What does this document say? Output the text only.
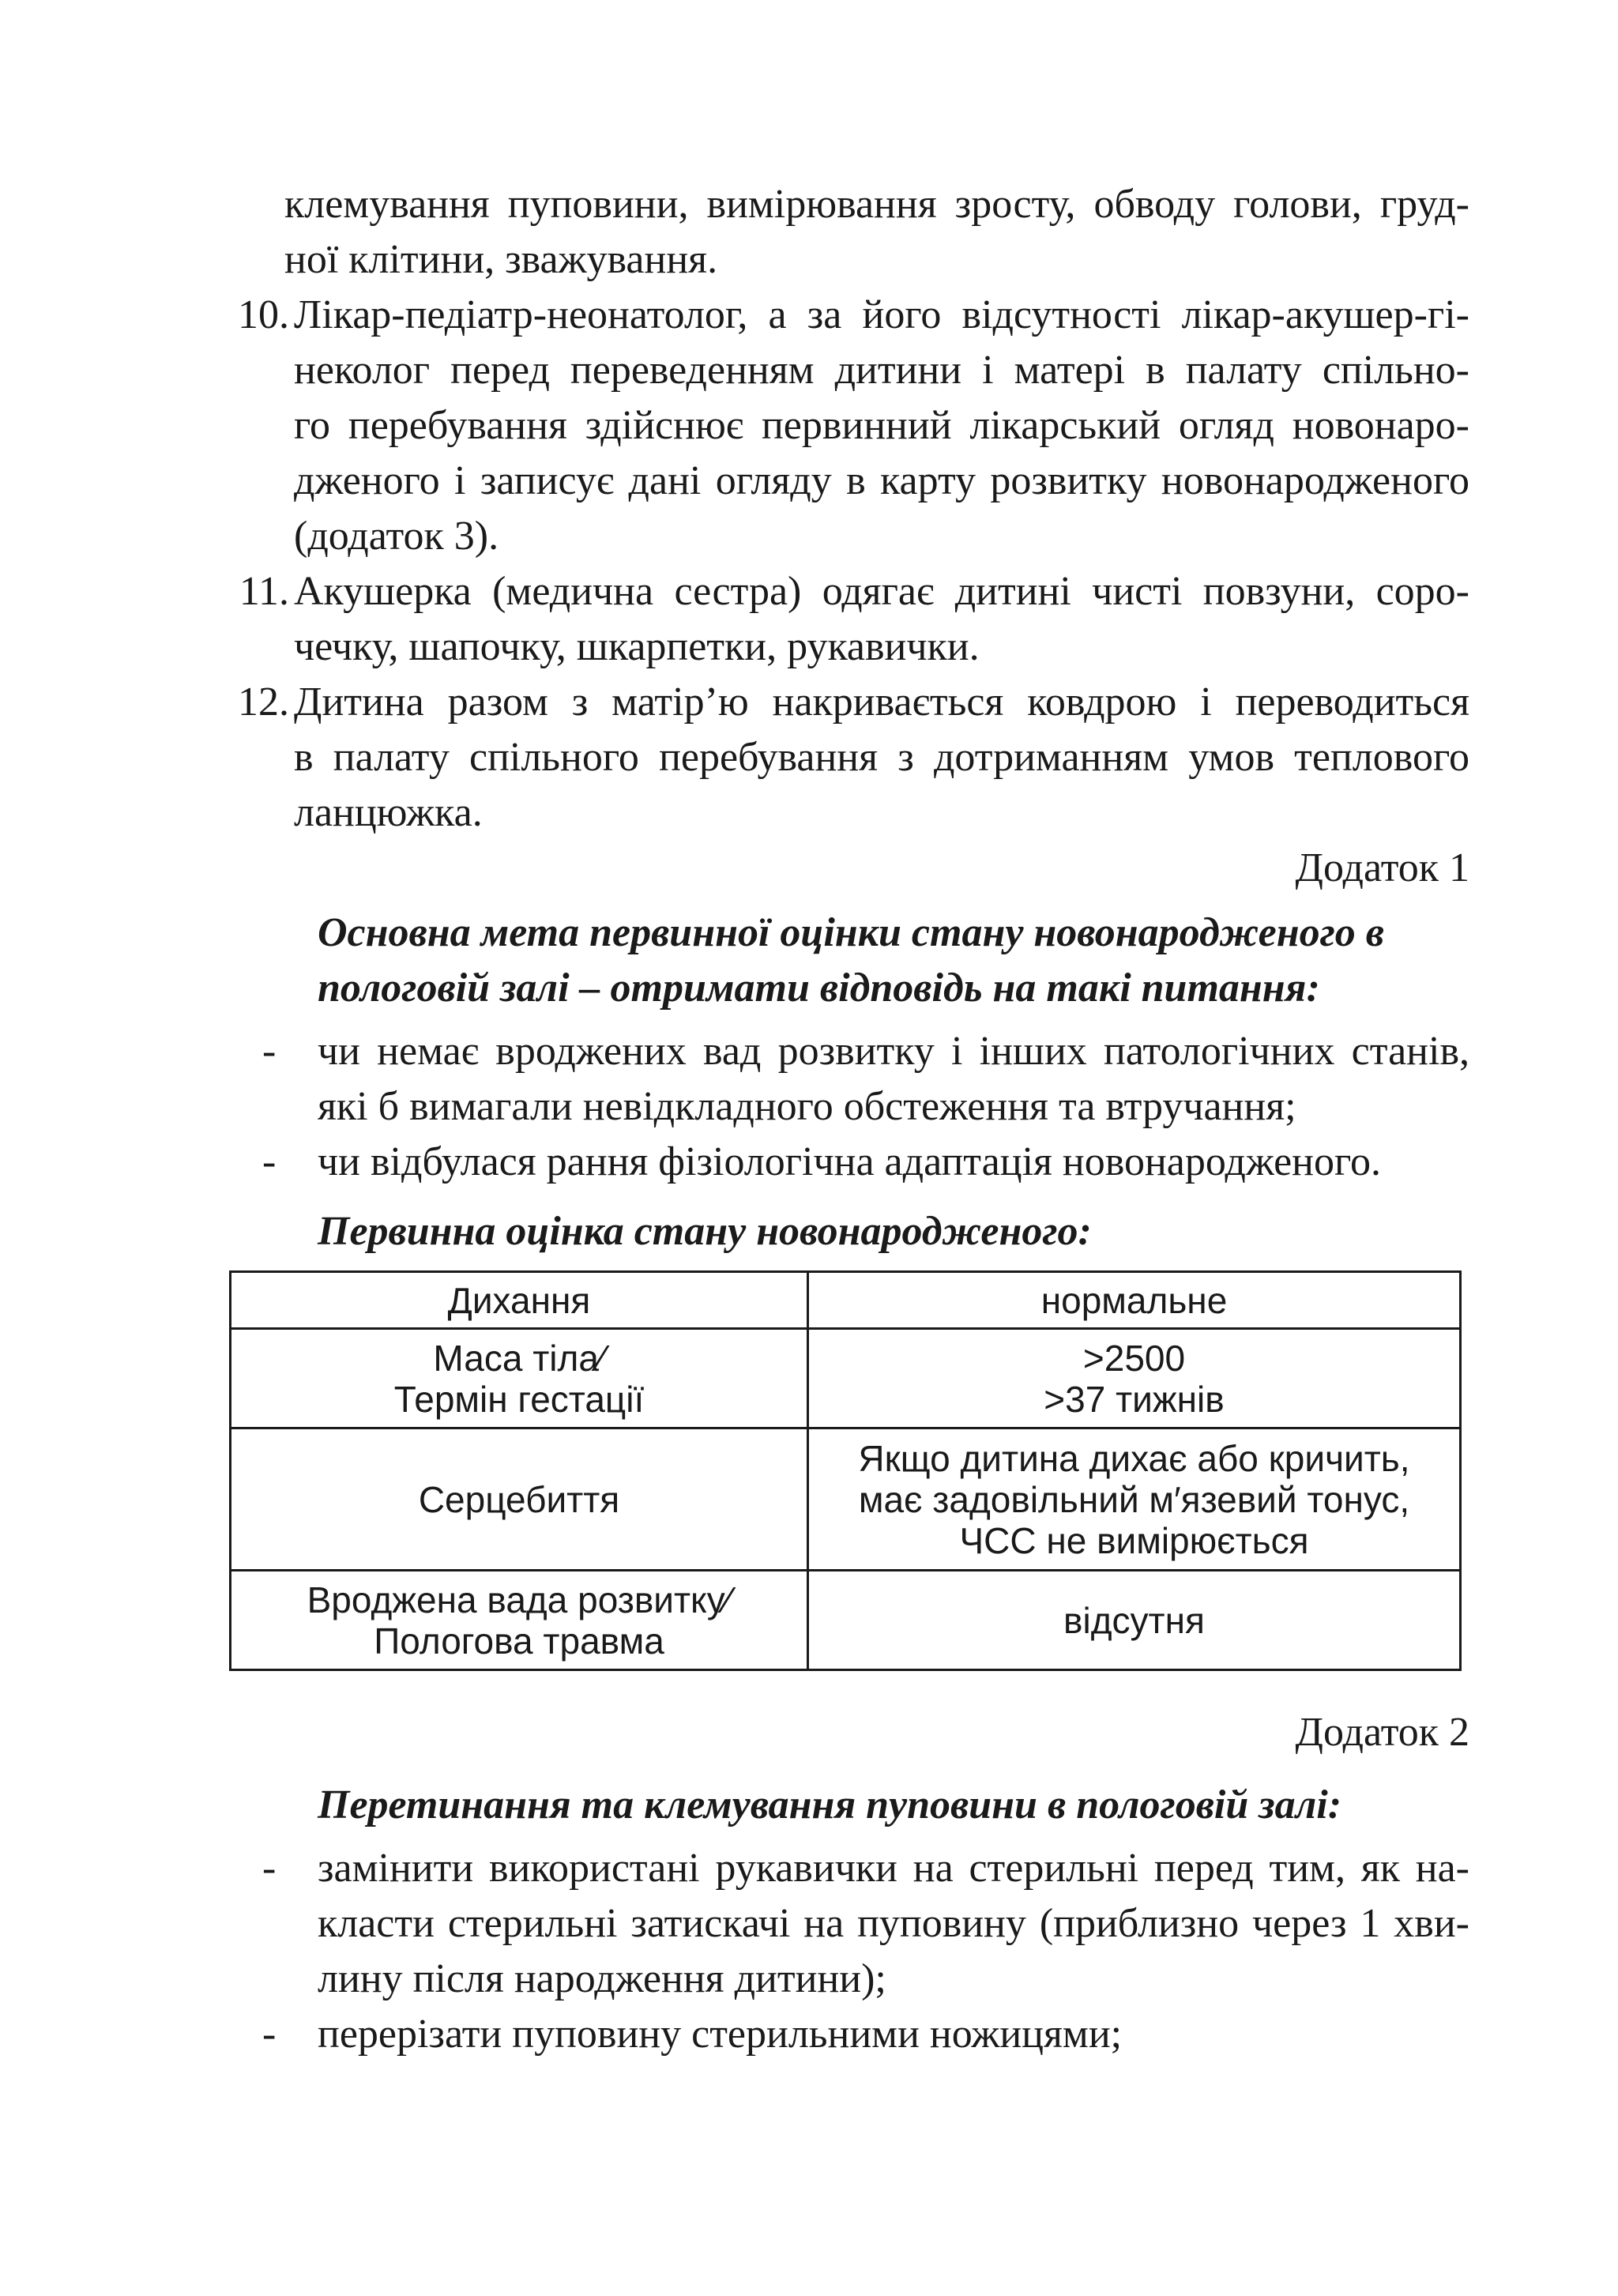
клемування пуповини, вимірювання зросту, обводу голови, груд-
ної клітини, зважування.
10. Лікар-педіатр-неонатолог, а за його відсутності лікар-акушер-гі-
неколог перед переведенням дитини і матері в палату спільно-
го перебування здійснює первинний лікарський огляд новонаро-
дженого і записує дані огляду в карту розвитку новонародженого
(додаток 3).
11. Акушерка (медична сестра) одягає дитині чисті повзуни, соро-
чечку, шапочку, шкарпетки, рукавички.
12. Дитина разом з матір’ю накривається ковдрою і переводиться
в палату спільного перебування з дотриманням умов теплового
ланцюжка.
Додаток 1
Основна мета первинної оцінки стану новонародженого в
пологовій залі – отримати відповідь на такі питання:
- чи немає вроджених вад розвитку і інших патологічних станів,
які б вимагали невідкладного обстеження та втручання;
- чи відбулася рання фізіологічна адаптація новонародженого.
Первинна оцінка стану новонародженого:
Дихання	нормальне

Маса тіла⁄
Термін гестації	>2500
>37 тижнів

Серцебиття	Якщо дитина дихає або кричить,
має задовільний м′язевий тонус,
ЧСС не вимірюється

Вроджена вада розвитку⁄
Пологова травма	відсутня
Додаток 2
Перетинання та клемування пуповини в пологовій залі:
- замінити використані рукавички на стерильні перед тим, як на-
класти стерильні затискачі на пуповину (приблизно через 1 хви-
лину після народження дитини);
- перерізати пуповину стерильними ножицями;
